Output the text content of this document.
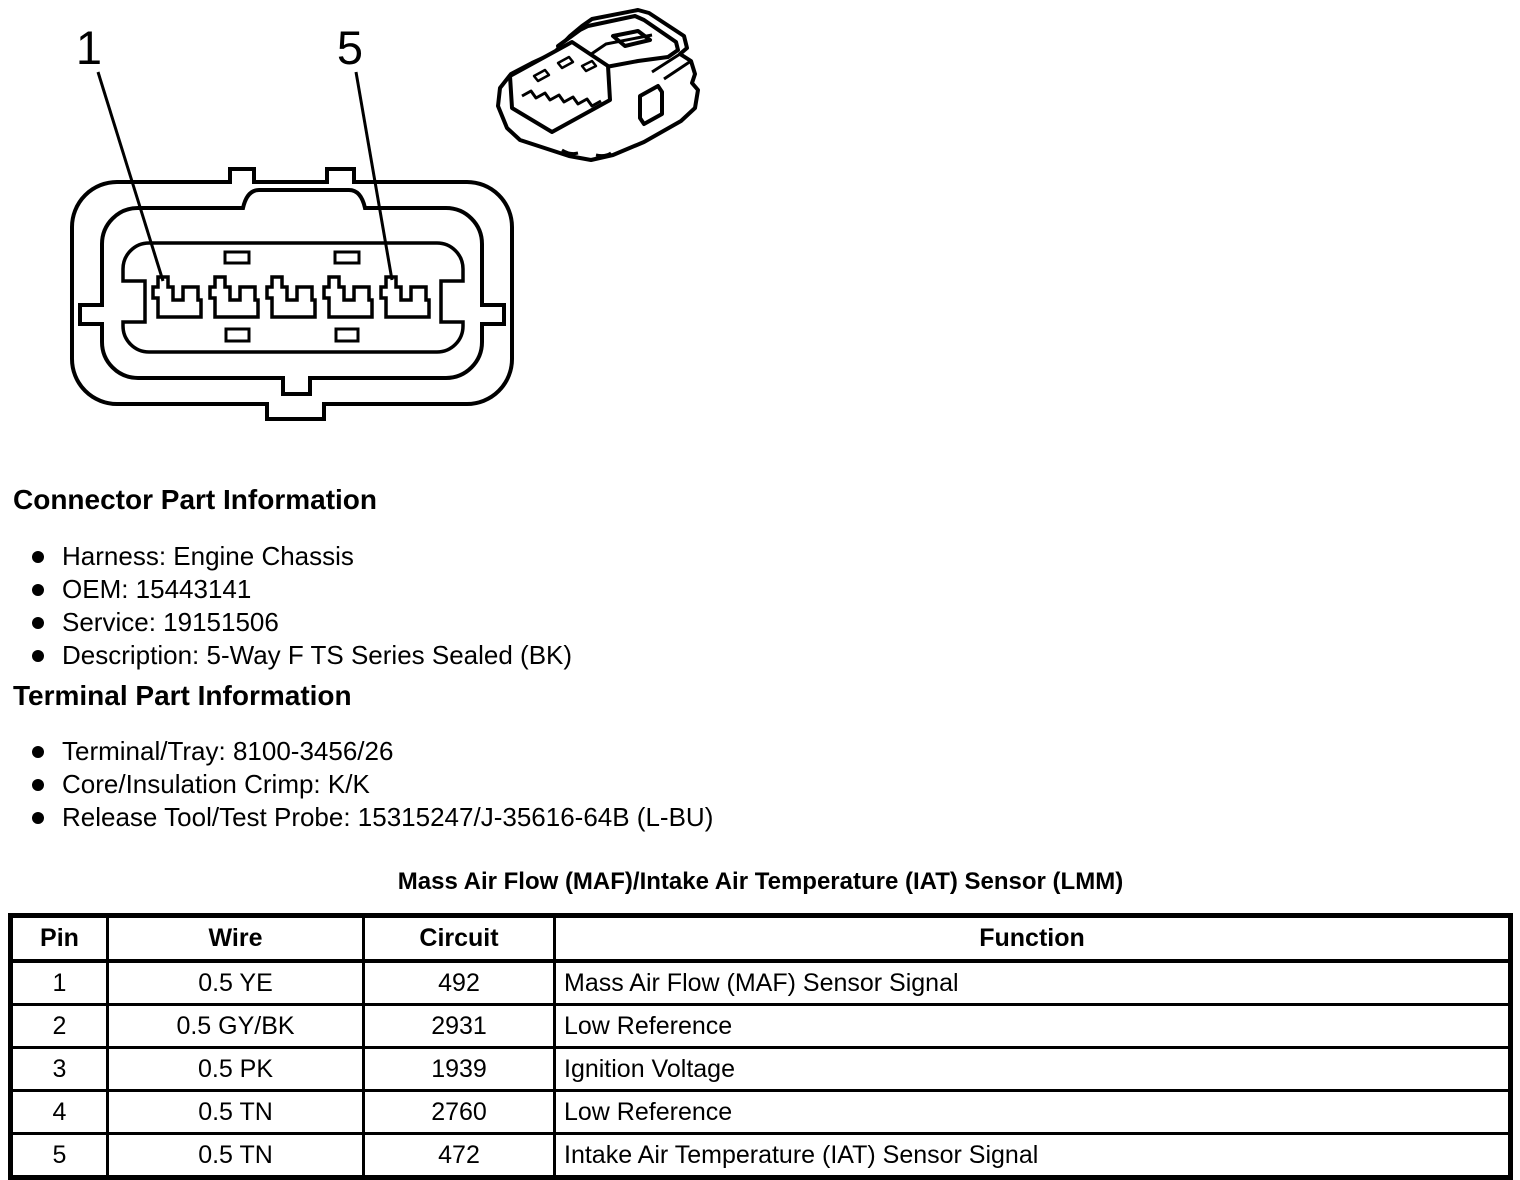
1	5
Connector Part Information
Harness: Engine Chassis
OEM: 15443141
Service: 19151506
Description: 5-Way F TS Series Sealed (BK)
Terminal Part Information
Terminal/Tray: 8100-3456/26
Core/Insulation Crimp: K/K
Release Tool/Test Probe: 15315247/J-35616-64B (L-BU)
Mass Air Flow (MAF)/Intake Air Temperature (IAT) Sensor (LMM)
Pin	Wire	Circuit	Function
1	0.5 YE	492	Mass Air Flow (MAF) Sensor Signal
2	0.5 GY/BK	2931	Low Reference
3	0.5 PK	1939	Ignition Voltage
4	0.5 TN	2760	Low Reference
5	0.5 TN	472	Intake Air Temperature (IAT) Sensor Signal
